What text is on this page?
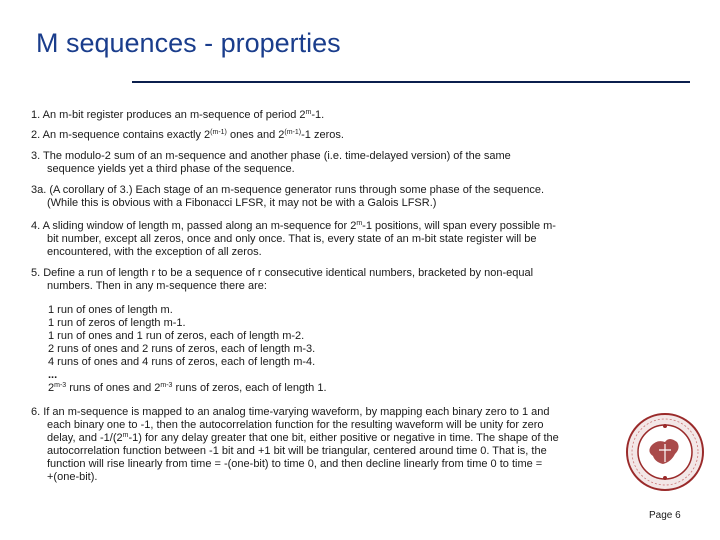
M sequences - properties
1. An m-bit register produces an m-sequence of period 2$^m$-1.
2. An m-sequence contains exactly 2$^{(m-1)}$ ones and 2$^{(m-1)}$-1 zeros.
3. The modulo-2 sum of an m-sequence and another phase (i.e. time-delayed version) of the same
sequence yields yet a third phase of the sequence.
3a. (A corollary of 3.) Each stage of an m-sequence generator runs through some phase of the sequence.
(While this is obvious with a Fibonacci LFSR, it may not be with a Galois LFSR.)
4. A sliding window of length m, passed along an m-sequence for 2$^m$-1 positions, will span every possible m-
bit number, except all zeros, once and only once. That is, every state of an m-bit state register will be
encountered, with the exception of all zeros.
5. Define a run of length r to be a sequence of r consecutive identical numbers, bracketed by non-equal
numbers. Then in any m-sequence there are:
1 run of ones of length m.
1 run of zeros of length m-1.
1 run of ones and 1 run of zeros, each of length m-2.
2 runs of ones and 2 runs of zeros, each of length m-3.
4 runs of ones and 4 runs of zeros, each of length m-4.
...
2$^{m-3}$ runs of ones and 2$^{m-3}$ runs of zeros, each of length 1.
6. If an m-sequence is mapped to an analog time-varying waveform, by mapping each binary zero to 1 and
each binary one to -1, then the autocorrelation function for the resulting waveform will be unity for zero
delay, and -1/(2$^m$-1) for any delay greater that one bit, either positive or negative in time. The shape of the
autocorrelation function between -1 bit and +1 bit will be triangular, centered around time 0. That is, the
function will rise linearly from time = -(one-bit) to time 0, and then decline linearly from time 0 to time =
+(one-bit).
Page 6
